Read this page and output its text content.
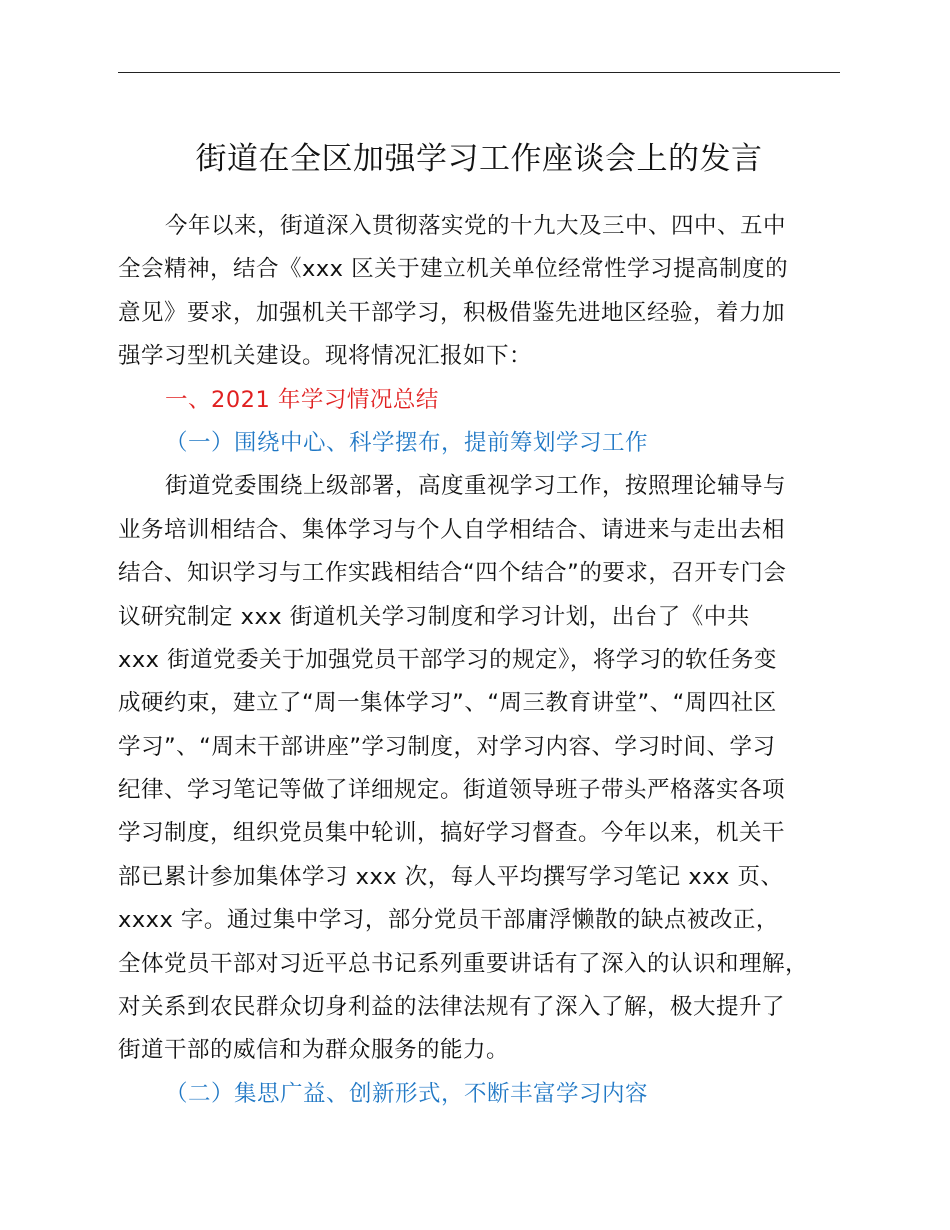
街道在全区加强学习工作座谈会上的发言
今年以来，街道深入贯彻落实党的十九大及三中、四中、五中
全会精神，结合《xxx 区关于建立机关单位经常性学习提高制度的
意见》要求，加强机关干部学习，积极借鉴先进地区经验，着力加
强学习型机关建设。现将情况汇报如下：
一、2021 年学习情况总结
（一）围绕中心、科学摆布，提前筹划学习工作
街道党委围绕上级部署，高度重视学习工作，按照理论辅导与
业务培训相结合、集体学习与个人自学相结合、请进来与走出去相
结合、知识学习与工作实践相结合“四个结合”的要求，召开专门会
议研究制定 xxx 街道机关学习制度和学习计划，出台了《中共
xxx 街道党委关于加强党员干部学习的规定》，将学习的软任务变
成硬约束，建立了“周一集体学习”、“周三教育讲堂”、“周四社区
学习”、“周末干部讲座”学习制度，对学习内容、学习时间、学习
纪律、学习笔记等做了详细规定。街道领导班子带头严格落实各项
学习制度，组织党员集中轮训，搞好学习督查。今年以来，机关干
部已累计参加集体学习 xxx 次，每人平均撰写学习笔记 xxx 页、
xxxx 字。通过集中学习，部分党员干部庸浮懒散的缺点被改正，
全体党员干部对习近平总书记系列重要讲话有了深入的认识和理解，
对关系到农民群众切身利益的法律法规有了深入了解，极大提升了
街道干部的威信和为群众服务的能力。
（二）集思广益、创新形式，不断丰富学习内容
